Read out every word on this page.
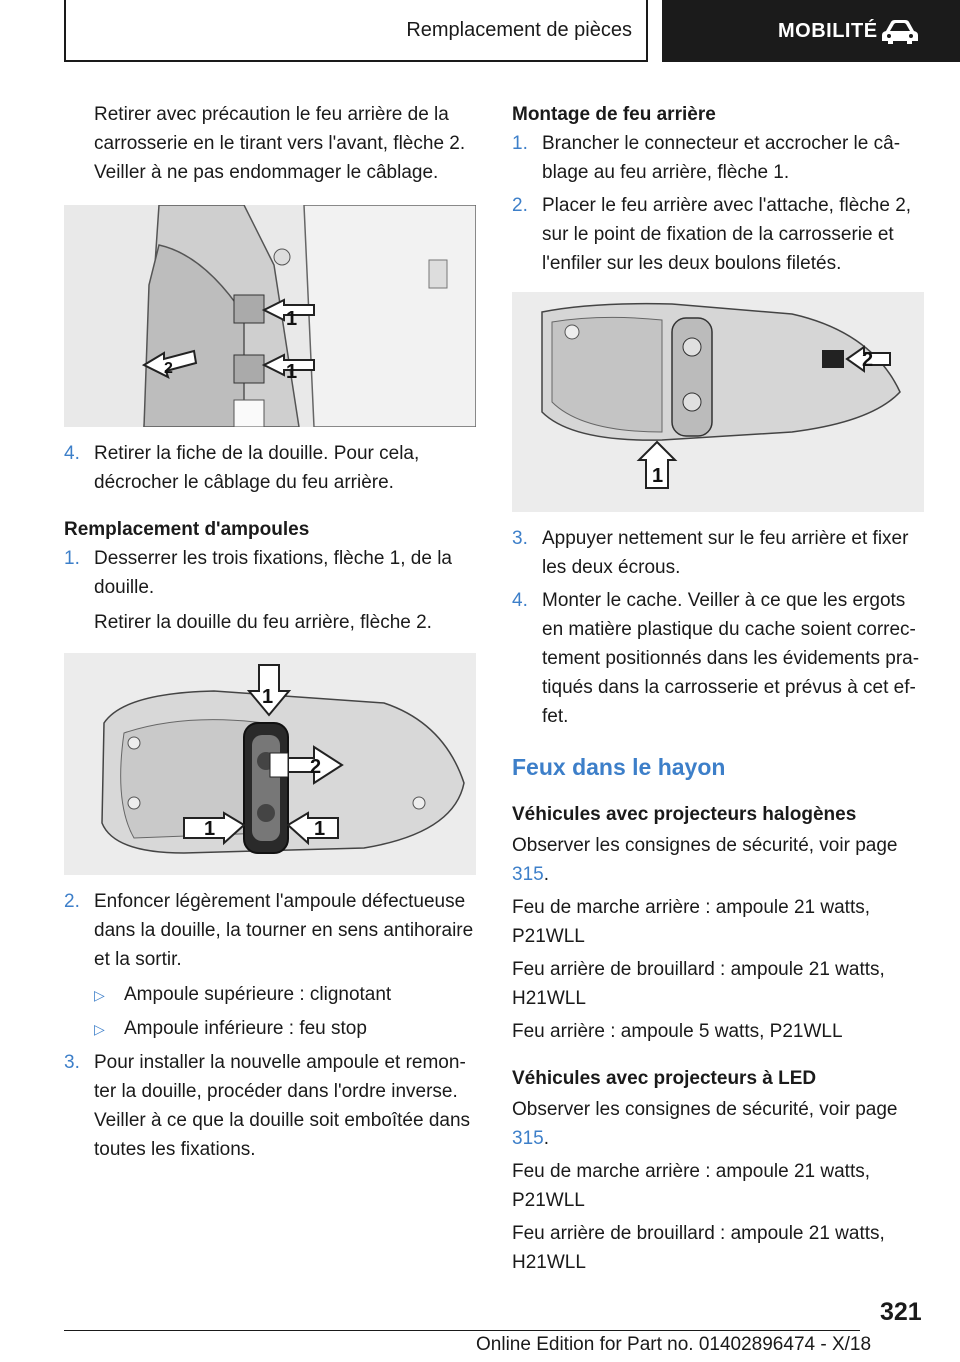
Remplacement de pièces	MOBILITÉ

Retirer avec précaution le feu arrière de la carrosserie en le tirant vers l'avant, flèche 2. Veiller à ne pas endommager le câblage.

1
1
2
4. Retirer la fiche de la douille. Pour cela, décrocher le câblage du feu arrière.

Remplacement d'ampoules

1. Desserrer les trois fixations, flèche 1, de la douille.

Retirer la douille du feu arrière, flèche 2.

1
2
1	1
2. Enfoncer légèrement l'ampoule défectueuse dans la douille, la tourner en sens antihoraire et la sortir.
▷	Ampoule supérieure : clignotant
▷	Ampoule inférieure : feu stop
3. Pour installer la nouvelle ampoule et remonter la douille, procéder dans l'ordre inverse. Veiller à ce que la douille soit emboîtée dans toutes les fixations.

Montage de feu arrière

1. Brancher le connecteur et accrocher le câblage au feu arrière, flèche 1.
2. Placer le feu arrière avec l'attache, flèche 2, sur le point de fixation de la carrosserie et l'enfiler sur les deux boulons filetés.
2
1
3. Appuyer nettement sur le feu arrière et fixer les deux écrous.
4. Monter le cache. Veiller à ce que les ergots en matière plastique du cache soient correctement positionnés dans les évidements pratiqués dans la carrosserie et prévus à cet effet.

Feux dans le hayon

Véhicules avec projecteurs halogènes

Observer les consignes de sécurité, voir page 315.

Feu de marche arrière : ampoule 21 watts, P21WLL

Feu arrière de brouillard : ampoule 21 watts, H21WLL

Feu arrière : ampoule 5 watts, P21WLL

Véhicules avec projecteurs à LED

Observer les consignes de sécurité, voir page 315.

Feu de marche arrière : ampoule 21 watts, P21WLL

Feu arrière de brouillard : ampoule 21 watts, H21WLL

321
Online Edition for Part no. 01402896474 - X/18
